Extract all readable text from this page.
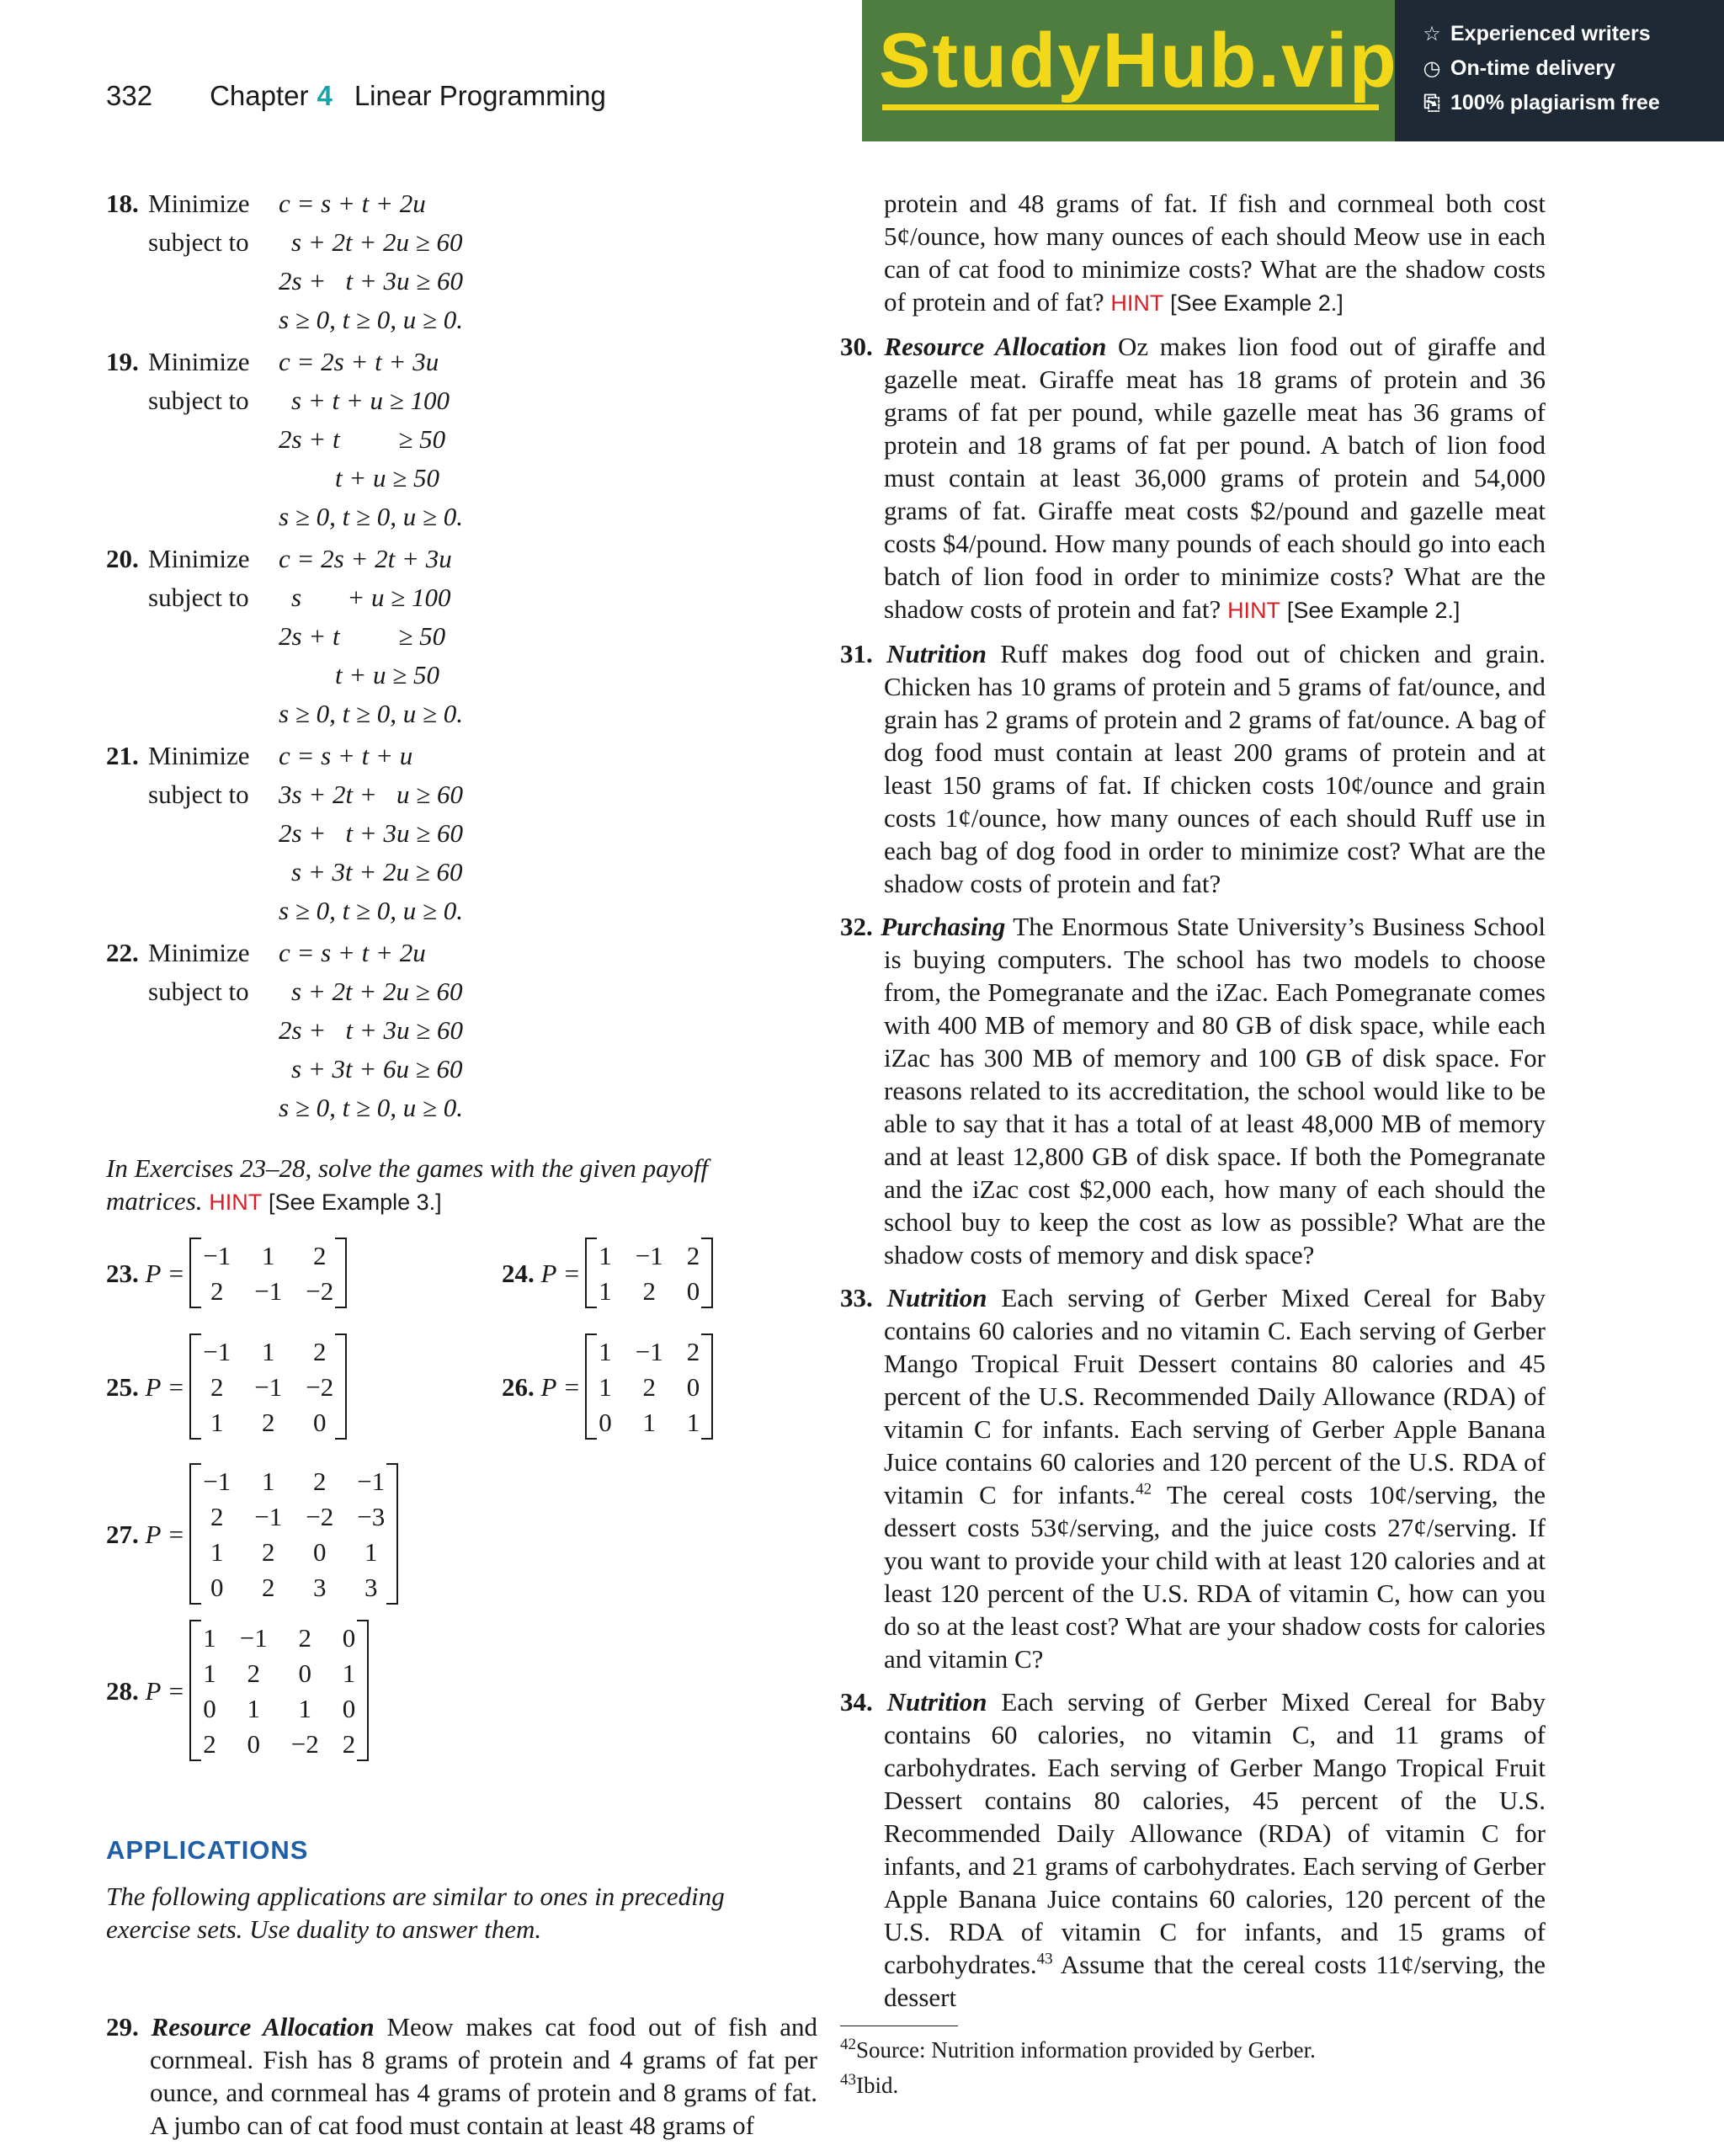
332 Chapter 4 Linear Programming	StudyHub.vip ☆ Experienced writers
◷ On-time delivery
⎘ 100% plagiarism free
18. Minimize c = s + t + 2u
subject to s + 2t + 2u ≥ 60
2s +   t + 3u ≥ 60
s ≥ 0, t ≥ 0, u ≥ 0.
19. Minimize c = 2s + t + 3u
subject to s + t + u ≥ 100
2s + t         ≥ 50
t + u ≥ 50
s ≥ 0, t ≥ 0, u ≥ 0.
20. Minimize c = 2s + 2t + 3u
subject to s       + u ≥ 100
2s + t         ≥ 50
t + u ≥ 50
s ≥ 0, t ≥ 0, u ≥ 0.
21. Minimize c = s + t + u
subject to 3s + 2t +   u ≥ 60
2s +   t + 3u ≥ 60
s + 3t + 2u ≥ 60
s ≥ 0, t ≥ 0, u ≥ 0.
22. Minimize c = s + t + 2u
subject to s + 2t + 2u ≥ 60
2s +   t + 3u ≥ 60
s + 3t + 6u ≥ 60
s ≥ 0, t ≥ 0, u ≥ 0.
In Exercises 23–28, solve the games with the given payoff matrices. HINT [See Example 3.]
23.
P =

−1	1	2
2	−1	−2

24.
P =

1	−1	2
1	2	0

25.
P =

−1	1	2
2	−1	−2
1	2	0

26.
P =

1	−1	2
1	2	0
0	1	1

27.
P =

−1	1	2	−1
2	−1	−2	−3
1	2	0	1
0	2	3	3

28.
P =

1	−1	2	0
1	2	0	1
0	1	1	0
2	0	−2	2

APPLICATIONS
The following applications are similar to ones in preceding exercise sets. Use duality to answer them.
29. Resource Allocation Meow makes cat food out of fish and cornmeal. Fish has 8 grams of protein and 4 grams of fat per ounce, and cornmeal has 4 grams of protein and 8 grams of fat. A jumbo can of cat food must contain at least 48 grams of
protein and 48 grams of fat. If fish and cornmeal both cost 5¢/ounce, how many ounces of each should Meow use in each can of cat food to minimize costs? What are the shadow costs of protein and of fat? HINT [See Example 2.]
30. Resource Allocation Oz makes lion food out of giraffe and gazelle meat. Giraffe meat has 18 grams of protein and 36 grams of fat per pound, while gazelle meat has 36 grams of protein and 18 grams of fat per pound. A batch of lion food must contain at least 36,000 grams of protein and 54,000 grams of fat. Giraffe meat costs $2/pound and gazelle meat costs $4/pound. How many pounds of each should go into each batch of lion food in order to minimize costs? What are the shadow costs of protein and fat? HINT [See Example 2.]
31. Nutrition Ruff makes dog food out of chicken and grain. Chicken has 10 grams of protein and 5 grams of fat/ounce, and grain has 2 grams of protein and 2 grams of fat/ounce. A bag of dog food must contain at least 200 grams of protein and at least 150 grams of fat. If chicken costs 10¢/ounce and grain costs 1¢/ounce, how many ounces of each should Ruff use in each bag of dog food in order to minimize cost? What are the shadow costs of protein and fat?
32. Purchasing The Enormous State University’s Business School is buying computers. The school has two models to choose from, the Pomegranate and the iZac. Each Pomegranate comes with 400 MB of memory and 80 GB of disk space, while each iZac has 300 MB of memory and 100 GB of disk space. For reasons related to its accreditation, the school would like to be able to say that it has a total of at least 48,000 MB of memory and at least 12,800 GB of disk space. If both the Pomegranate and the iZac cost $2,000 each, how many of each should the school buy to keep the cost as low as possible? What are the shadow costs of memory and disk space?
33. Nutrition Each serving of Gerber Mixed Cereal for Baby contains 60 calories and no vitamin C. Each serving of Gerber Mango Tropical Fruit Dessert contains 80 calories and 45 percent of the U.S. Recommended Daily Allowance (RDA) of vitamin C for infants. Each serving of Gerber Apple Banana Juice contains 60 calories and 120 percent of the U.S. RDA of vitamin C for infants.$^{42}$ The cereal costs 10¢/serving, the dessert costs 53¢/serving, and the juice costs 27¢/serving. If you want to provide your child with at least 120 calories and at least 120 percent of the U.S. RDA of vitamin C, how can you do so at the least cost? What are your shadow costs for calories and vitamin C?
34. Nutrition Each serving of Gerber Mixed Cereal for Baby contains 60 calories, no vitamin C, and 11 grams of carbohydrates. Each serving of Gerber Mango Tropical Fruit Dessert contains 80 calories, 45 percent of the U.S. Recommended Daily Allowance (RDA) of vitamin C for infants, and 21 grams of carbohydrates. Each serving of Gerber Apple Banana Juice contains 60 calories, 120 percent of the U.S. RDA of vitamin C for infants, and 15 grams of carbohydrates.$^{43}$ Assume that the cereal costs 11¢/serving, the dessert
$^{42}$Source: Nutrition information provided by Gerber.
$^{43}$Ibid.
